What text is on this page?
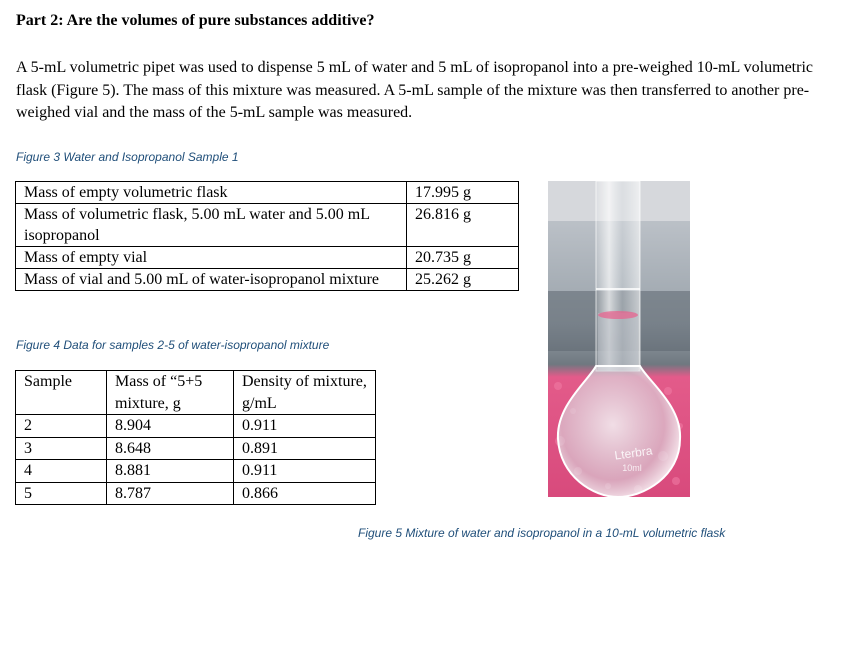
Part 2: Are the volumes of pure substances additive?

A 5-mL volumetric pipet was used to dispense 5 mL of water and 5 mL of isopropanol into a pre-weighed 10-mL volumetric flask (Figure 5). The mass of this mixture was measured. A 5-mL sample of the mixture was then transferred to another pre-weighed vial and the mass of the 5-mL sample was measured.

Figure 3 Water and Isopropanol Sample 1

Mass of empty volumetric flask	17.995 g
Mass of volumetric flask, 5.00 mL water and 5.00 mL isopropanol	26.816 g
Mass of empty vial	20.735 g
Mass of vial and 5.00 mL of water-isopropanol mixture	25.262 g

Figure 4 Data for samples 2-5 of water-isopropanol mixture

Sample	Mass of “5+5 mixture, g	Density of mixture, g/mL
2	8.904	0.911
3	8.648	0.891
4	8.881	0.911
5	8.787	0.866
Lterbra
10ml

Figure 5 Mixture of water and isopropanol in a 10-mL volumetric flask
